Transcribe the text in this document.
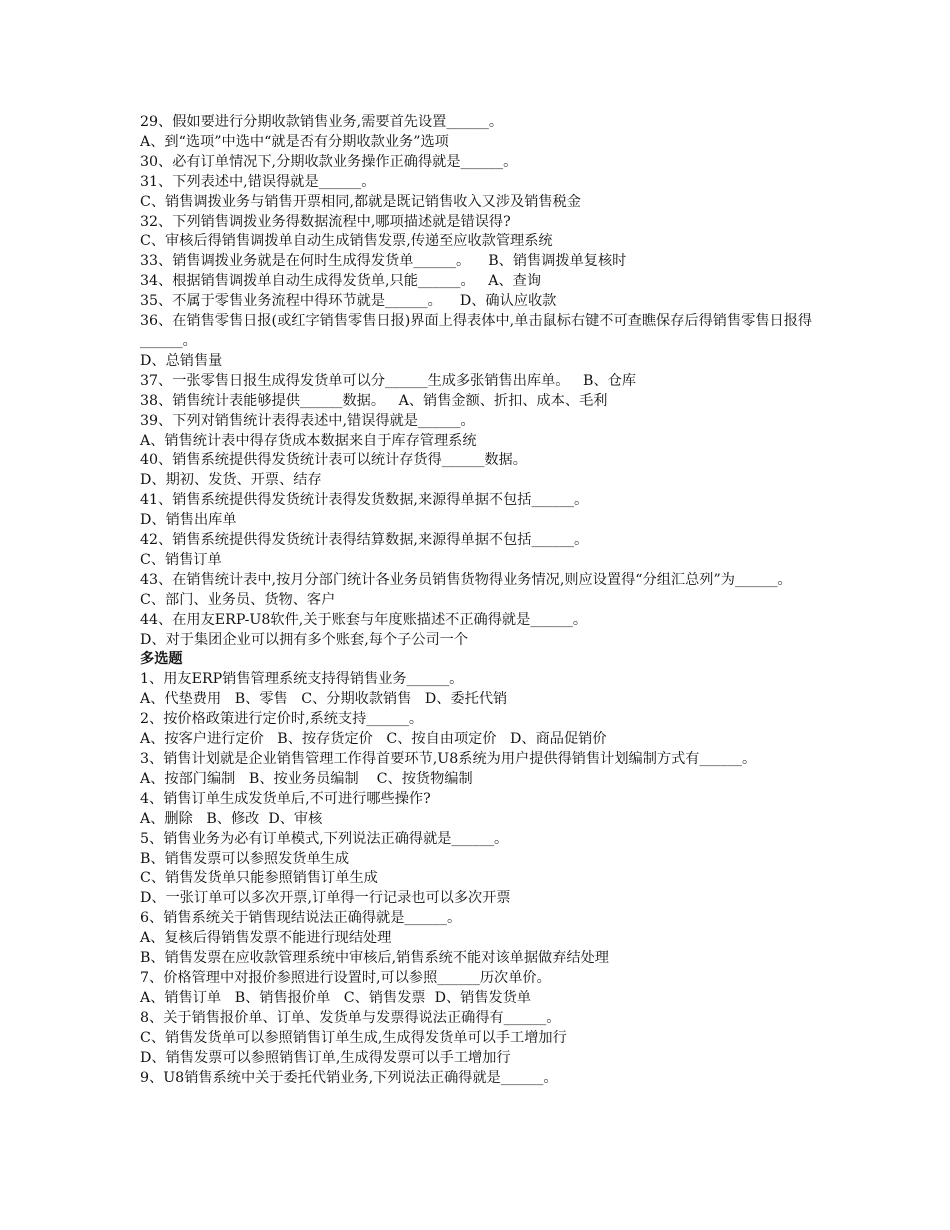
29、假如要进行分期收款销售业务,需要首先设置______。
A、到“选项”中选中“就是否有分期收款业务”选项
30、必有订单情况下,分期收款业务操作正确得就是______。
31、下列表述中,错误得就是______。
C、销售调拨业务与销售开票相同,都就是既记销售收入又涉及销售税金
32、下列销售调拨业务得数据流程中,哪项描述就是错误得?
C、审核后得销售调拨单自动生成销售发票,传递至应收款管理系统
33、销售调拨业务就是在何时生成得发货单______。    B、销售调拨单复核时
34、根据销售调拨单自动生成得发货单,只能______。   A、查询
35、不属于零售业务流程中得环节就是______。    D、确认应收款
36、在销售零售日报(或红字销售零售日报)界面上得表体中,单击鼠标右键不可查瞧保存后得销售零售日报得______。
D、总销售量
37、一张零售日报生成得发货单可以分______生成多张销售出库单。   B、仓库
38、销售统计表能够提供______数据。   A、销售金额、折扣、成本、毛利
39、下列对销售统计表得表述中,错误得就是______。
A、销售统计表中得存货成本数据来自于库存管理系统
40、销售系统提供得发货统计表可以统计存货得______数据。
D、期初、发货、开票、结存
41、销售系统提供得发货统计表得发货数据,来源得单据不包括______。
D、销售出库单
42、销售系统提供得发货统计表得结算数据,来源得单据不包括______。
C、销售订单
43、在销售统计表中,按月分部门统计各业务员销售货物得业务情况,则应设置得“分组汇总列”为______。    C、部门、业务员、货物、客户
44、在用友ERP-U8软件,关于账套与年度账描述不正确得就是______。
D、对于集团企业可以拥有多个账套,每个子公司一个
多选题
1、用友ERP销售管理系统支持得销售业务______。
A、代垫费用   B、零售   C、分期收款销售   D、委托代销
2、按价格政策进行定价时,系统支持______。
A、按客户进行定价   B、按存货定价   C、按自由项定价   D、商品促销价
3、销售计划就是企业销售管理工作得首要环节,U8系统为用户提供得销售计划编制方式有______。
A、按部门编制   B、按业务员编制    C、按货物编制
4、销售订单生成发货单后,不可进行哪些操作?
A、删除   B、修改  D、审核
5、销售业务为必有订单模式,下列说法正确得就是______。
B、销售发票可以参照发货单生成
C、销售发货单只能参照销售订单生成
D、一张订单可以多次开票,订单得一行记录也可以多次开票
6、销售系统关于销售现结说法正确得就是______。
A、复核后得销售发票不能进行现结处理
B、销售发票在应收款管理系统中审核后,销售系统不能对该单据做弃结处理
7、价格管理中对报价参照进行设置时,可以参照______历次单价。
A、销售订单   B、销售报价单   C、销售发票  D、销售发货单
8、关于销售报价单、订单、发货单与发票得说法正确得有______。
C、销售发货单可以参照销售订单生成,生成得发货单可以手工增加行
D、销售发票可以参照销售订单,生成得发票可以手工增加行
9、U8销售系统中关于委托代销业务,下列说法正确得就是______。
